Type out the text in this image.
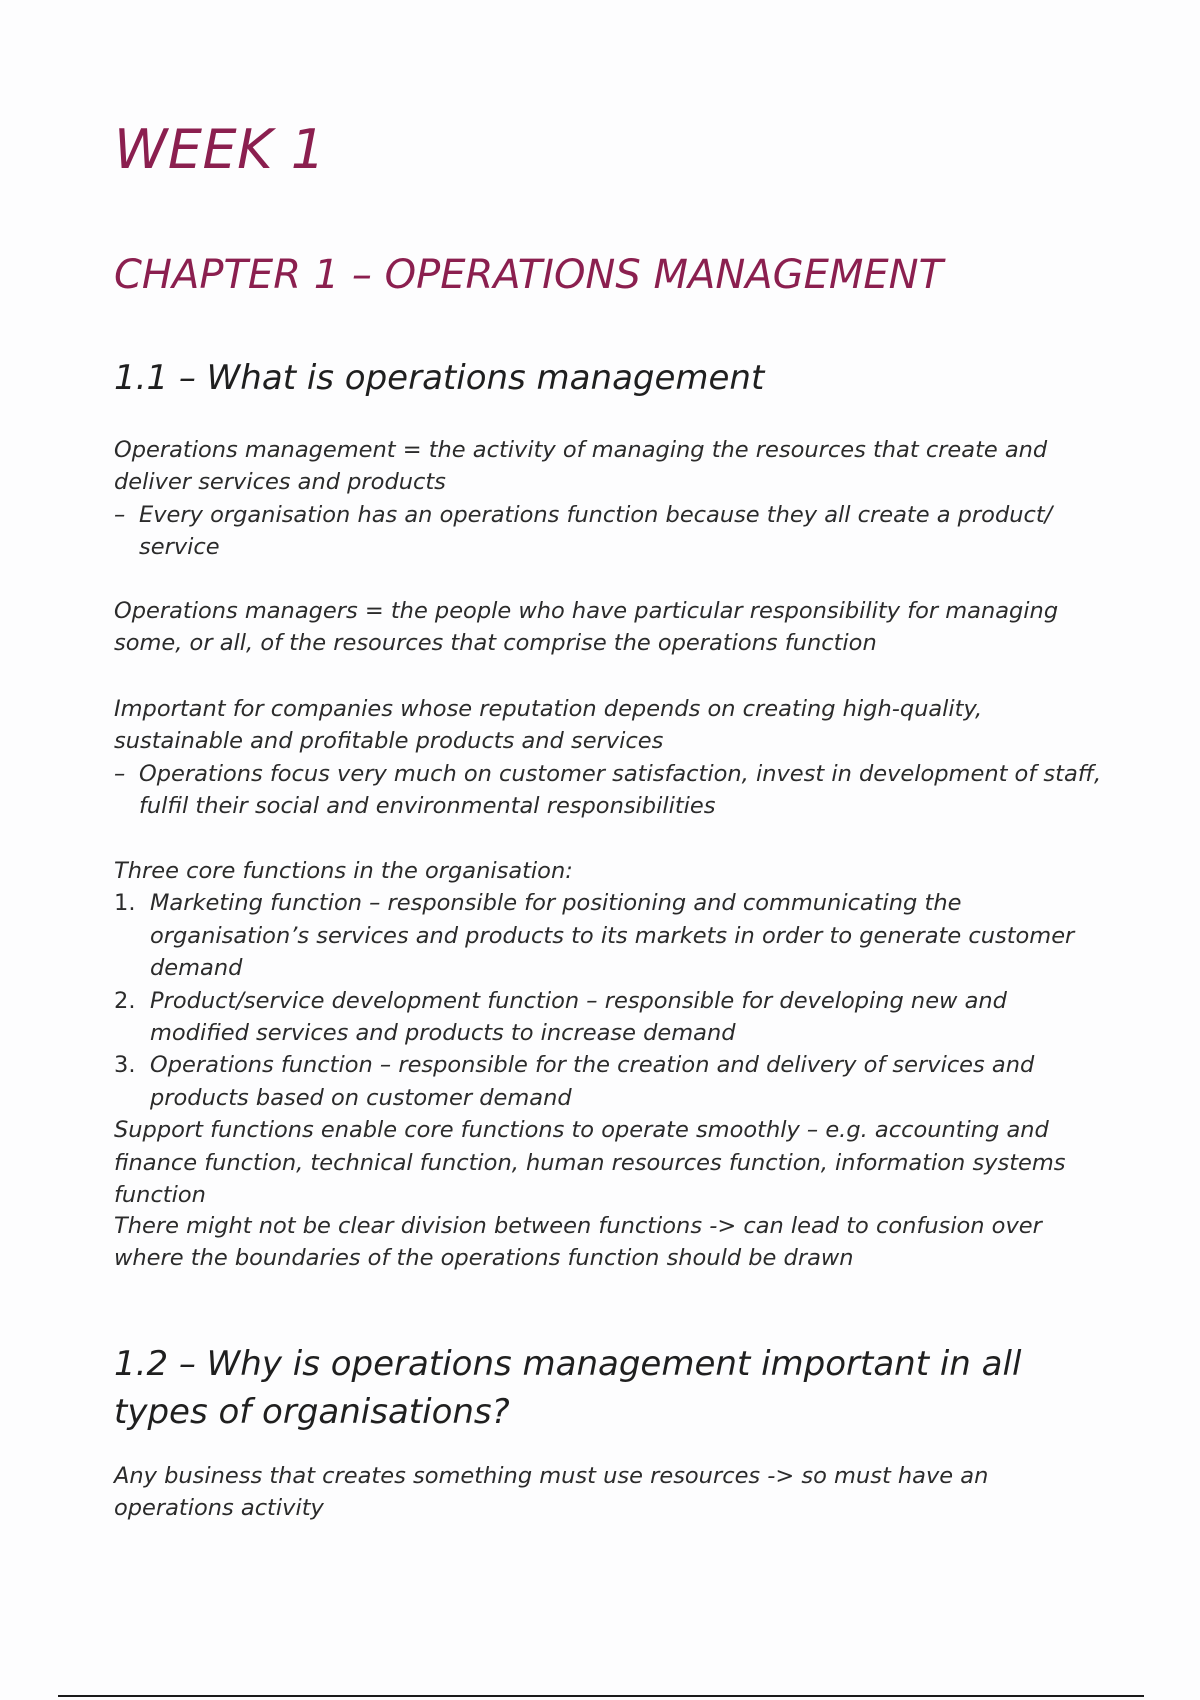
WEEK 1
CHAPTER 1 – OPERATIONS MANAGEMENT
1.1 – What is operations management

Operations management = the activity of managing the resources that create and deliver services and products

– Every organisation has an operations function because they all create a product/ service

Operations managers = the people who have particular responsibility for managing some, or all, of the resources that comprise the operations function

Important for companies whose reputation depends on creating high-quality, sustainable and profitable products and services

– Operations focus very much on customer satisfaction, invest in development of staff, fulfil their social and environmental responsibilities

Three core functions in the organisation:

1. Marketing function – responsible for positioning and communicating the organisation’s services and products to its markets in order to generate customer demand

2. Product/service development function – responsible for developing new and modified services and products to increase demand

3. Operations function – responsible for the creation and delivery of services and products based on customer demand

Support functions enable core functions to operate smoothly – e.g. accounting and finance function, technical function, human resources function, information systems function

There might not be clear division between functions -> can lead to confusion over where the boundaries of the operations function should be drawn

1.2 – Why is operations management important in all types of organisations?

Any business that creates something must use resources -> so must have an operations activity
